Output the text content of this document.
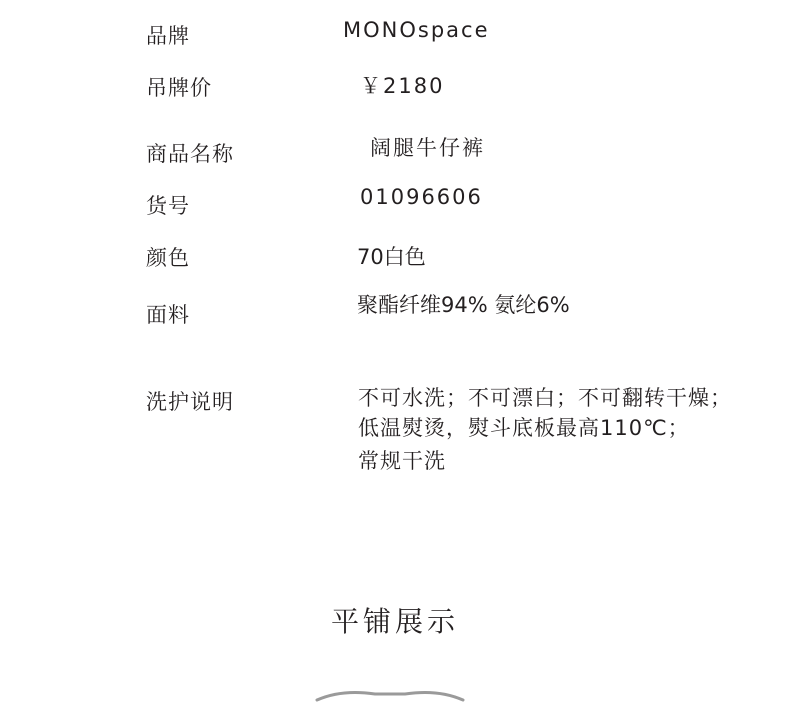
品牌	MONOspace
吊牌价	￥2180
商品名称	阔腿牛仔裤
货号	01096606
颜色	70白色
面料	聚酯纤维94% 氨纶6%
洗护说明	不可水洗；不可漂白；不可翻转干燥；
低温熨烫，熨斗底板最高110℃；
常规干洗
平铺展示
